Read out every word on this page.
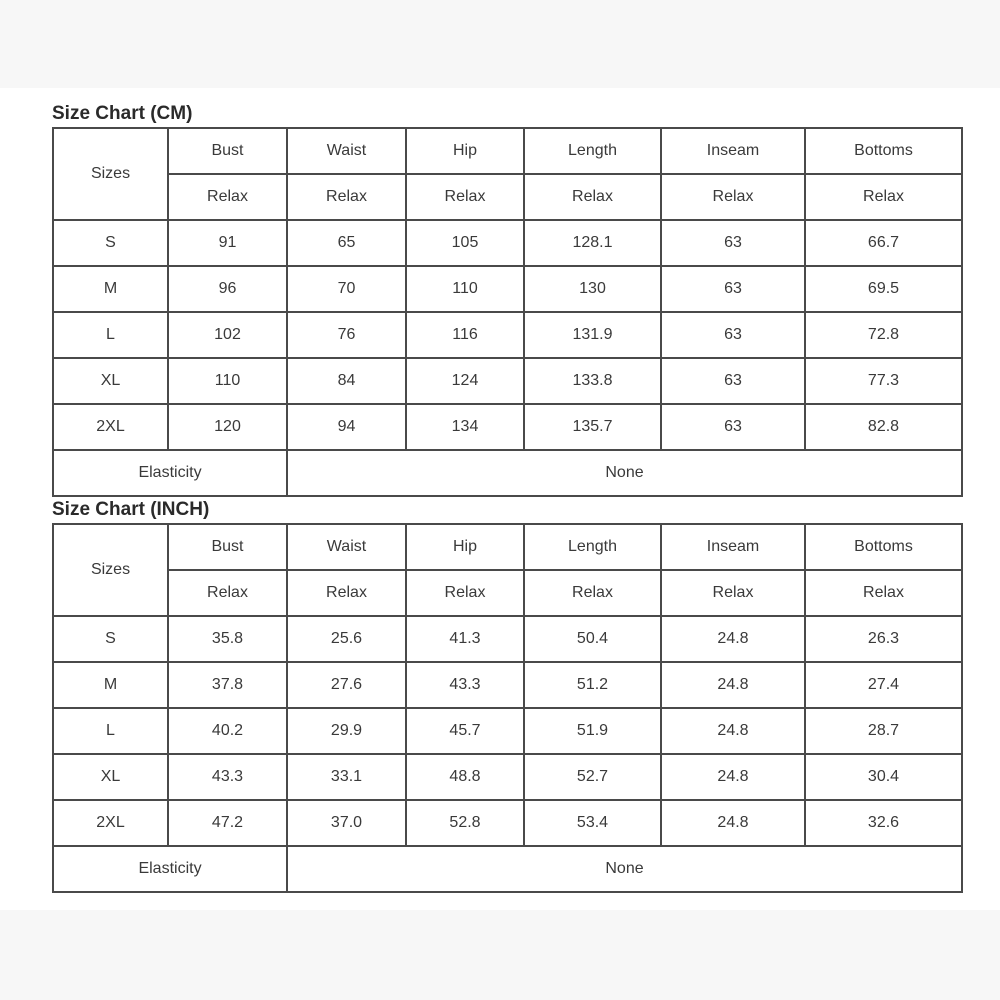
Size Chart (CM)
Sizes	Bust	Waist	Hip	Length	Inseam	Bottoms
	Relax	Relax	Relax	Relax	Relax	Relax
S	91	65	105	128.1	63	66.7
M	96	70	110	130	63	69.5
L	102	76	116	131.9	63	72.8
XL	110	84	124	133.8	63	77.3
2XL	120	94	134	135.7	63	82.8
Elasticity		None				
Size Chart (INCH)
Sizes	Bust	Waist	Hip	Length	Inseam	Bottoms
	Relax	Relax	Relax	Relax	Relax	Relax
S	35.8	25.6	41.3	50.4	24.8	26.3
M	37.8	27.6	43.3	51.2	24.8	27.4
L	40.2	29.9	45.7	51.9	24.8	28.7
XL	43.3	33.1	48.8	52.7	24.8	30.4
2XL	47.2	37.0	52.8	53.4	24.8	32.6
Elasticity		None				
